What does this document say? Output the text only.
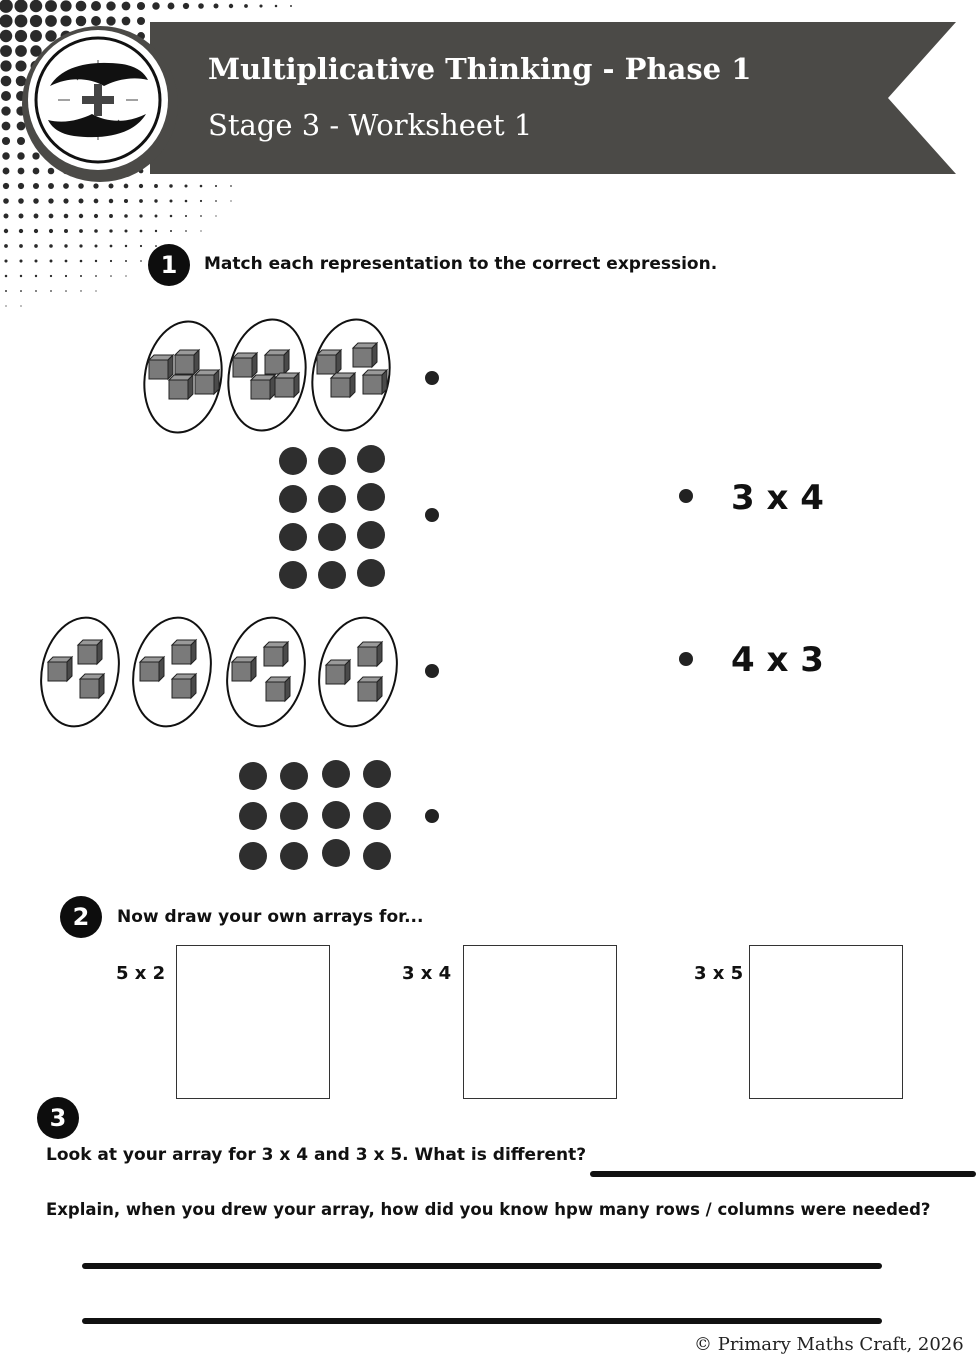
Multiplicative Thinking - Phase 1
Stage 3 - Worksheet 1
1	Match each representation to the correct expression.
3 x 4
4 x 3
2	Now draw your own arrays for...
5 x 2	3 x 4	3 x 5
3
Look at your array for 3 x 4 and 3 x 5. What is different?
Explain, when you drew your array, how did you know hpw many rows / columns were needed?
© Primary Maths Craft, 2026
